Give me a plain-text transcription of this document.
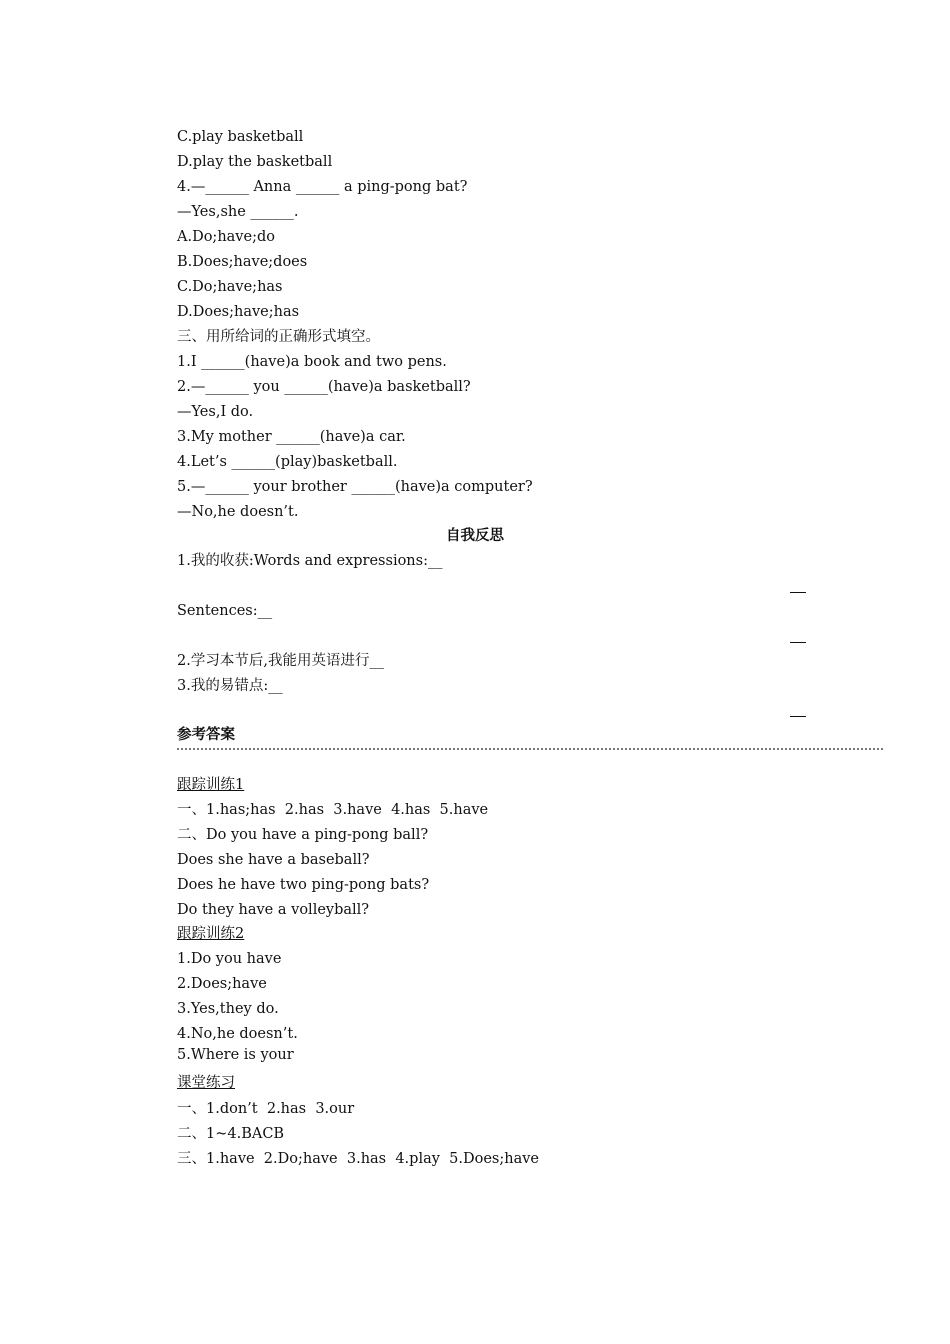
C.play basketball
D.play the basketball
4.—______ Anna ______ a ping-pong bat?
—Yes,she ______.
A.Do;have;do
B.Does;have;does
C.Do;have;has
D.Does;have;has
三、用所给词的正确形式填空。
1.I ______(have)a book and two pens.
2.—______ you ______(have)a basketball?
—Yes,I do.
3.My mother ______(have)a car.
4.Let’s ______(play)basketball.
5.—______ your brother ______(have)a computer?
—No,he doesn’t.
自我反思
1.我的收获:Words and expressions:__
Sentences:__
2.学习本节后,我能用英语进行__
3.我的易错点:__
参考答案
跟踪训练1
一、1.has;has  2.has  3.have  4.has  5.have
二、Do you have a ping-pong ball?
Does she have a baseball?
Does he have two ping-pong bats?
Do they have a volleyball?
跟踪训练2
1.Do you have
2.Does;have
3.Yes,they do.
4.No,he doesn’t.
5.Where is your
课堂练习
一、1.don’t  2.has  3.our
二、1~4.BACB
三、1.have  2.Do;have  3.has  4.play  5.Does;have
